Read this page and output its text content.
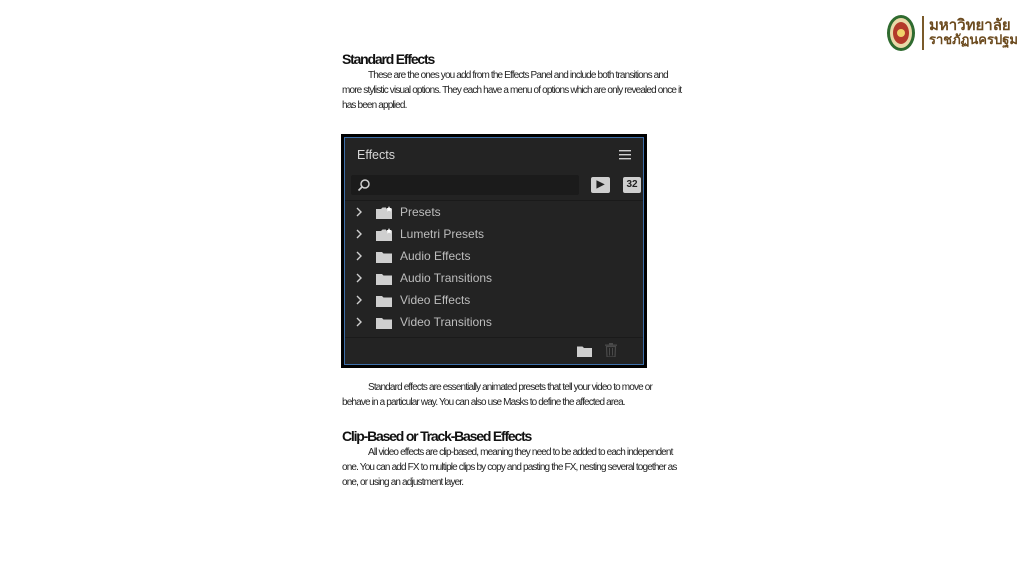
มหาวิทยาลัย
ราชภัฏนครปฐม
Standard Effects
These are the ones you add from the Effects Panel and include both transitions and more stylistic visual options. They each have a menu of options which are only revealed once it has been applied.
Effects
▶	32
Presets
Lumetri Presets
Audio Effects
Audio Transitions
Video Effects
Video Transitions
Standard effects are essentially animated presets that tell your video to move or behave in a particular way. You can also use Masks to define the affected area.
Clip-Based or Track-Based Effects
All video effects are clip-based, meaning they need to be added to each independent one. You can add FX to multiple clips by copy and pasting the FX, nesting several together as one, or using an adjustment layer.
